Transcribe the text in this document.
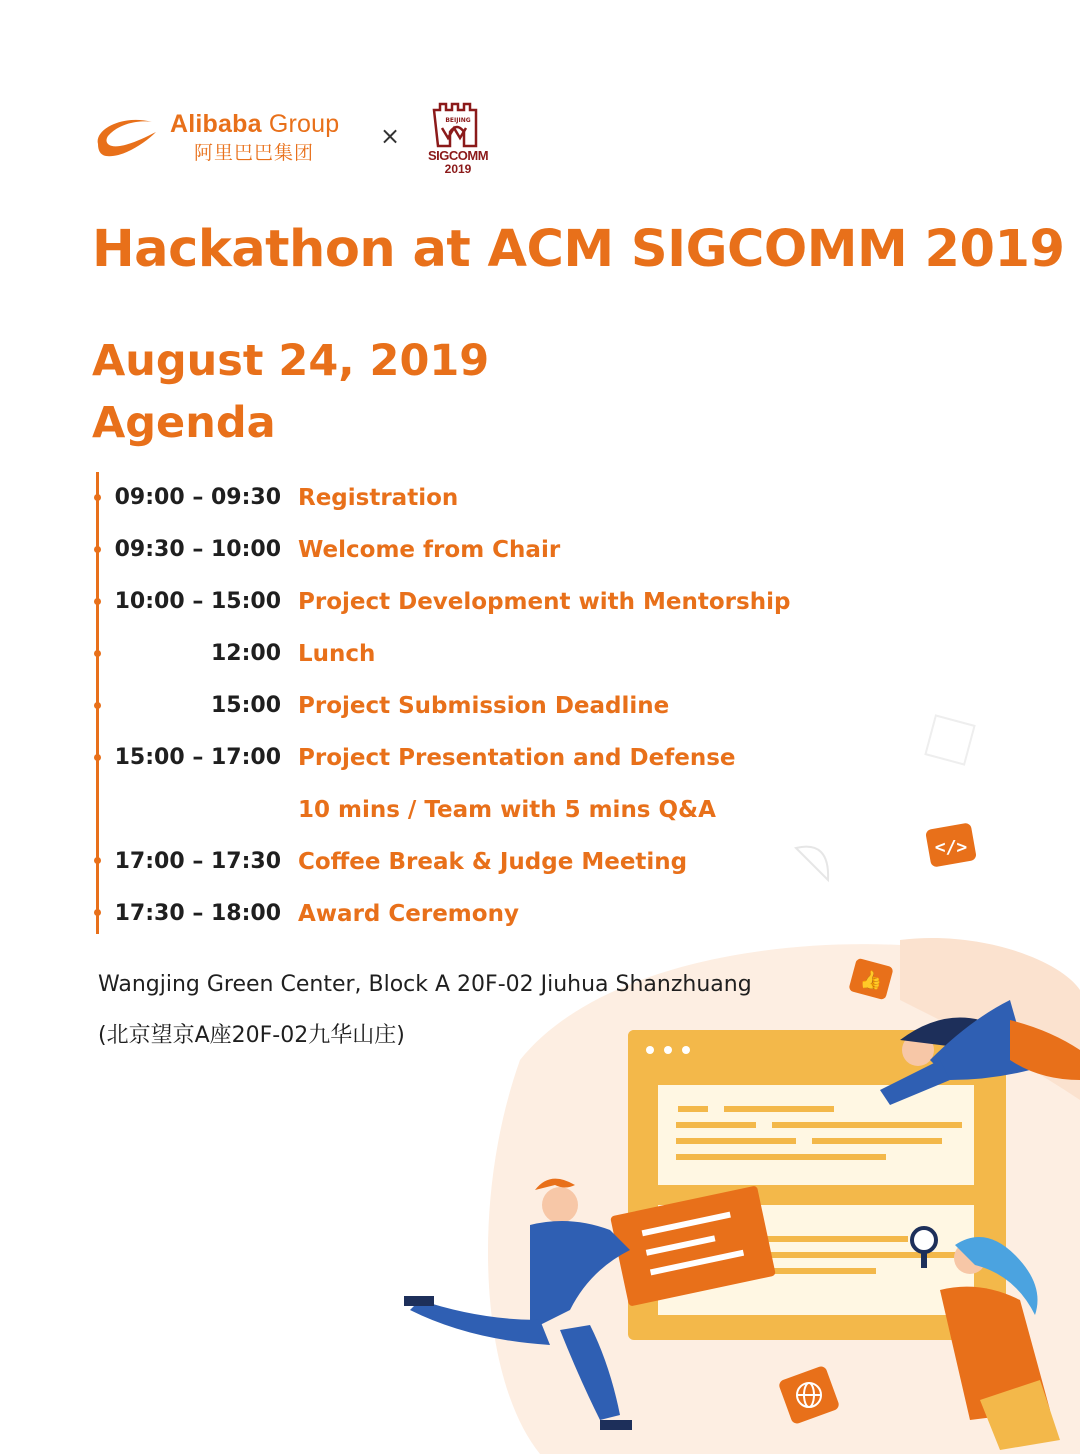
</>
👍
Alibaba Group
阿里巴巴集团
×
BEIJING
SIGCOMM
2019
Hackathon at ACM SIGCOMM 2019
August 24, 2019
Agenda
09:00 – 09:30 Registration
09:30 – 10:00 Welcome from Chair
10:00 – 15:00 Project Development with Mentorship
12:00 Lunch
15:00 Project Submission Deadline
15:00 – 17:00 Project Presentation and Defense
10 mins / Team with 5 mins Q&A
17:00 – 17:30 Coffee Break & Judge Meeting
17:30 – 18:00 Award Ceremony
Wangjing Green Center, Block A 20F-02 Jiuhua Shanzhuang
(北京望京A座20F-02九华山庄)
